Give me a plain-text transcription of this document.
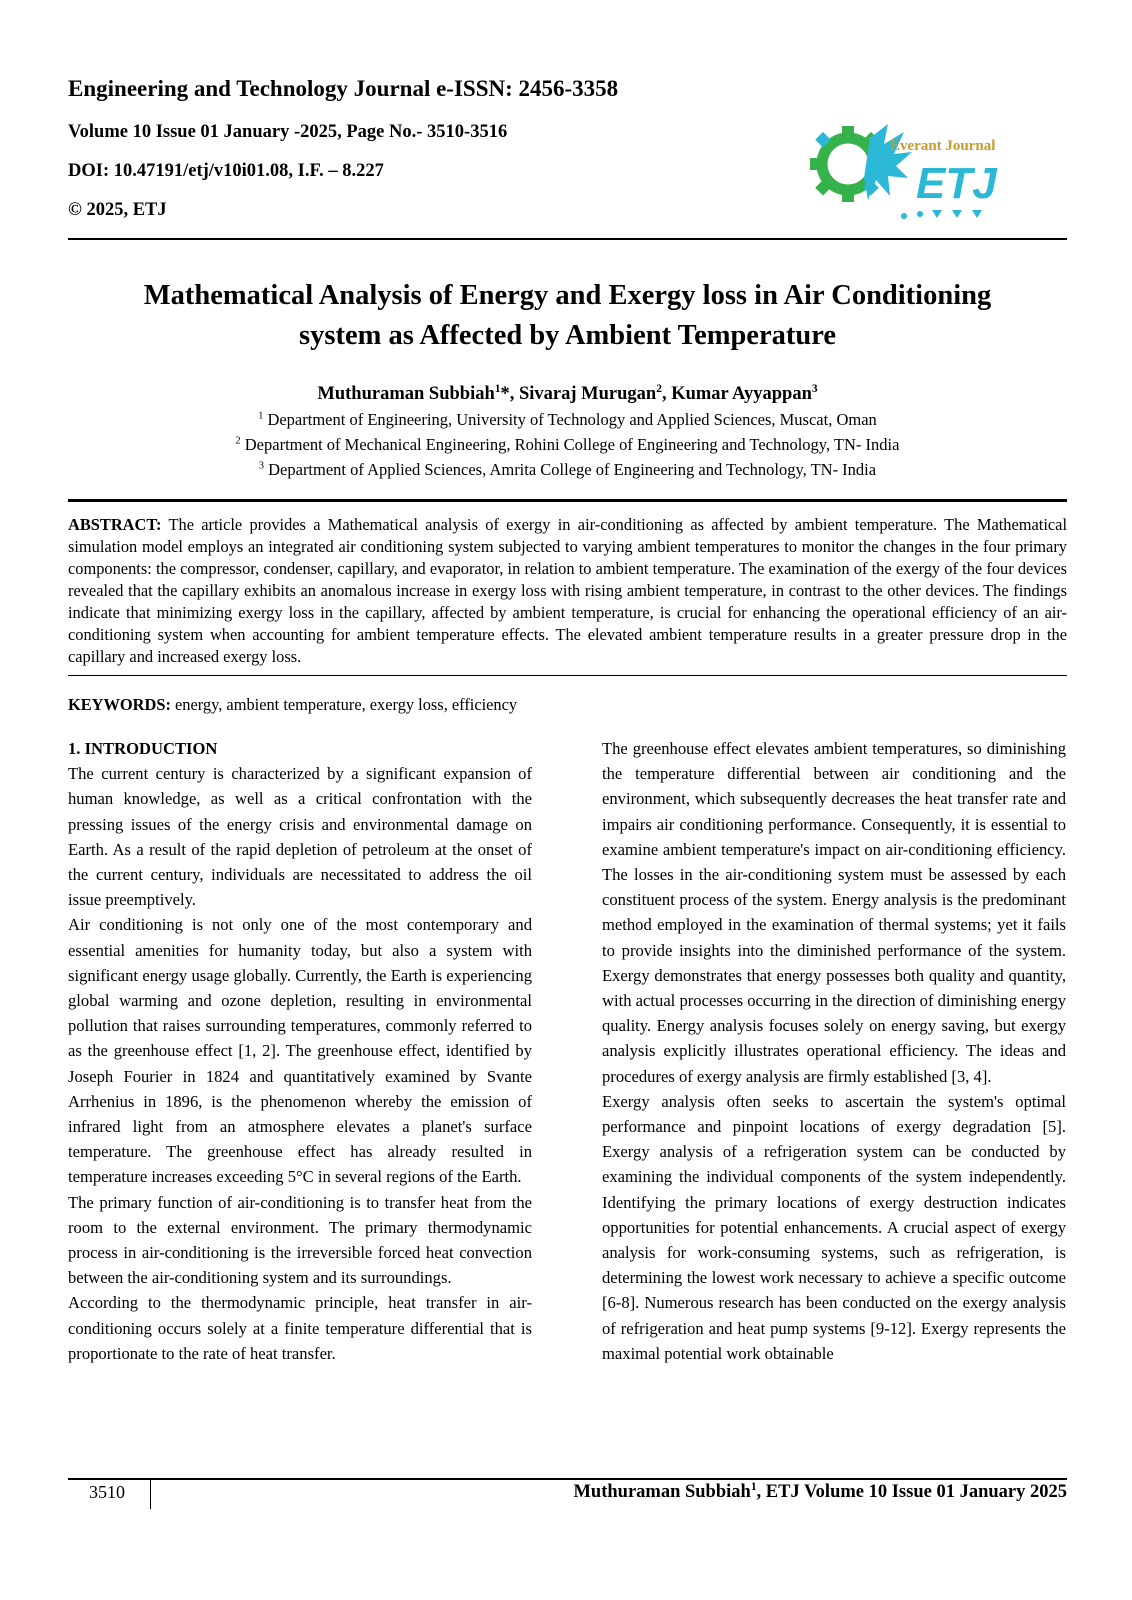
Engineering and Technology Journal e-ISSN: 2456-3358
Volume 10 Issue 01 January -2025, Page No.- 3510-3516
DOI: 10.47191/etj/v10i01.08, I.F. – 8.227
© 2025, ETJ
Everant Journal
ETJ
Mathematical Analysis of Energy and Exergy loss in Air Conditioning
system as Affected by Ambient Temperature
Muthuraman Subbiah$^1$*, Sivaraj Murugan$^2$, Kumar Ayyappan$^3$
$^1$ Department of Engineering, University of Technology and Applied Sciences, Muscat, Oman
$^2$ Department of Mechanical Engineering, Rohini College of Engineering and Technology, TN- India
$^3$ Department of Applied Sciences, Amrita College of Engineering and Technology, TN- India
ABSTRACT: The article provides a Mathematical analysis of exergy in air-conditioning as affected by ambient temperature. The Mathematical simulation model employs an integrated air conditioning system subjected to varying ambient temperatures to monitor the changes in the four primary components: the compressor, condenser, capillary, and evaporator, in relation to ambient temperature. The examination of the exergy of the four devices revealed that the capillary exhibits an anomalous increase in exergy loss with rising ambient temperature, in contrast to the other devices. The findings indicate that minimizing exergy loss in the capillary, affected by ambient temperature, is crucial for enhancing the operational efficiency of an air-conditioning system when accounting for ambient temperature effects. The elevated ambient temperature results in a greater pressure drop in the capillary and increased exergy loss.
KEYWORDS: energy, ambient temperature, exergy loss, efficiency

1. INTRODUCTION

The current century is characterized by a significant expansion of human knowledge, as well as a critical confrontation with the pressing issues of the energy crisis and environmental damage on Earth. As a result of the rapid depletion of petroleum at the onset of the current century, individuals are necessitated to address the oil issue preemptively.

Air conditioning is not only one of the most contemporary and essential amenities for humanity today, but also a system with significant energy usage globally. Currently, the Earth is experiencing global warming and ozone depletion, resulting in environmental pollution that raises surrounding temperatures, commonly referred to as the greenhouse effect [1, 2]. The greenhouse effect, identified by Joseph Fourier in 1824 and quantitatively examined by Svante Arrhenius in 1896, is the phenomenon whereby the emission of infrared light from an atmosphere elevates a planet's surface temperature. The greenhouse effect has already resulted in temperature increases exceeding 5°C in several regions of the Earth.

The primary function of air-conditioning is to transfer heat from the room to the external environment. The primary thermodynamic process in air-conditioning is the irreversible forced heat convection between the air-conditioning system and its surroundings.

According to the thermodynamic principle, heat transfer in air-conditioning occurs solely at a finite temperature differential that is proportionate to the rate of heat transfer.

The greenhouse effect elevates ambient temperatures, so diminishing the temperature differential between air conditioning and the environment, which subsequently decreases the heat transfer rate and impairs air conditioning performance. Consequently, it is essential to examine ambient temperature's impact on air-conditioning efficiency. The losses in the air-conditioning system must be assessed by each constituent process of the system. Energy analysis is the predominant method employed in the examination of thermal systems; yet it fails to provide insights into the diminished performance of the system. Exergy demonstrates that energy possesses both quality and quantity, with actual processes occurring in the direction of diminishing energy quality. Energy analysis focuses solely on energy saving, but exergy analysis explicitly illustrates operational efficiency. The ideas and procedures of exergy analysis are firmly established [3, 4].

Exergy analysis often seeks to ascertain the system's optimal performance and pinpoint locations of exergy degradation [5]. Exergy analysis of a refrigeration system can be conducted by examining the individual components of the system independently. Identifying the primary locations of exergy destruction indicates opportunities for potential enhancements. A crucial aspect of exergy analysis for work-consuming systems, such as refrigeration, is determining the lowest work necessary to achieve a specific outcome [6-8]. Numerous research has been conducted on the exergy analysis of refrigeration and heat pump systems [9-12]. Exergy represents the maximal potential work obtainable

3510	Muthuraman Subbiah$^1$, ETJ Volume 10 Issue 01 January 2025
